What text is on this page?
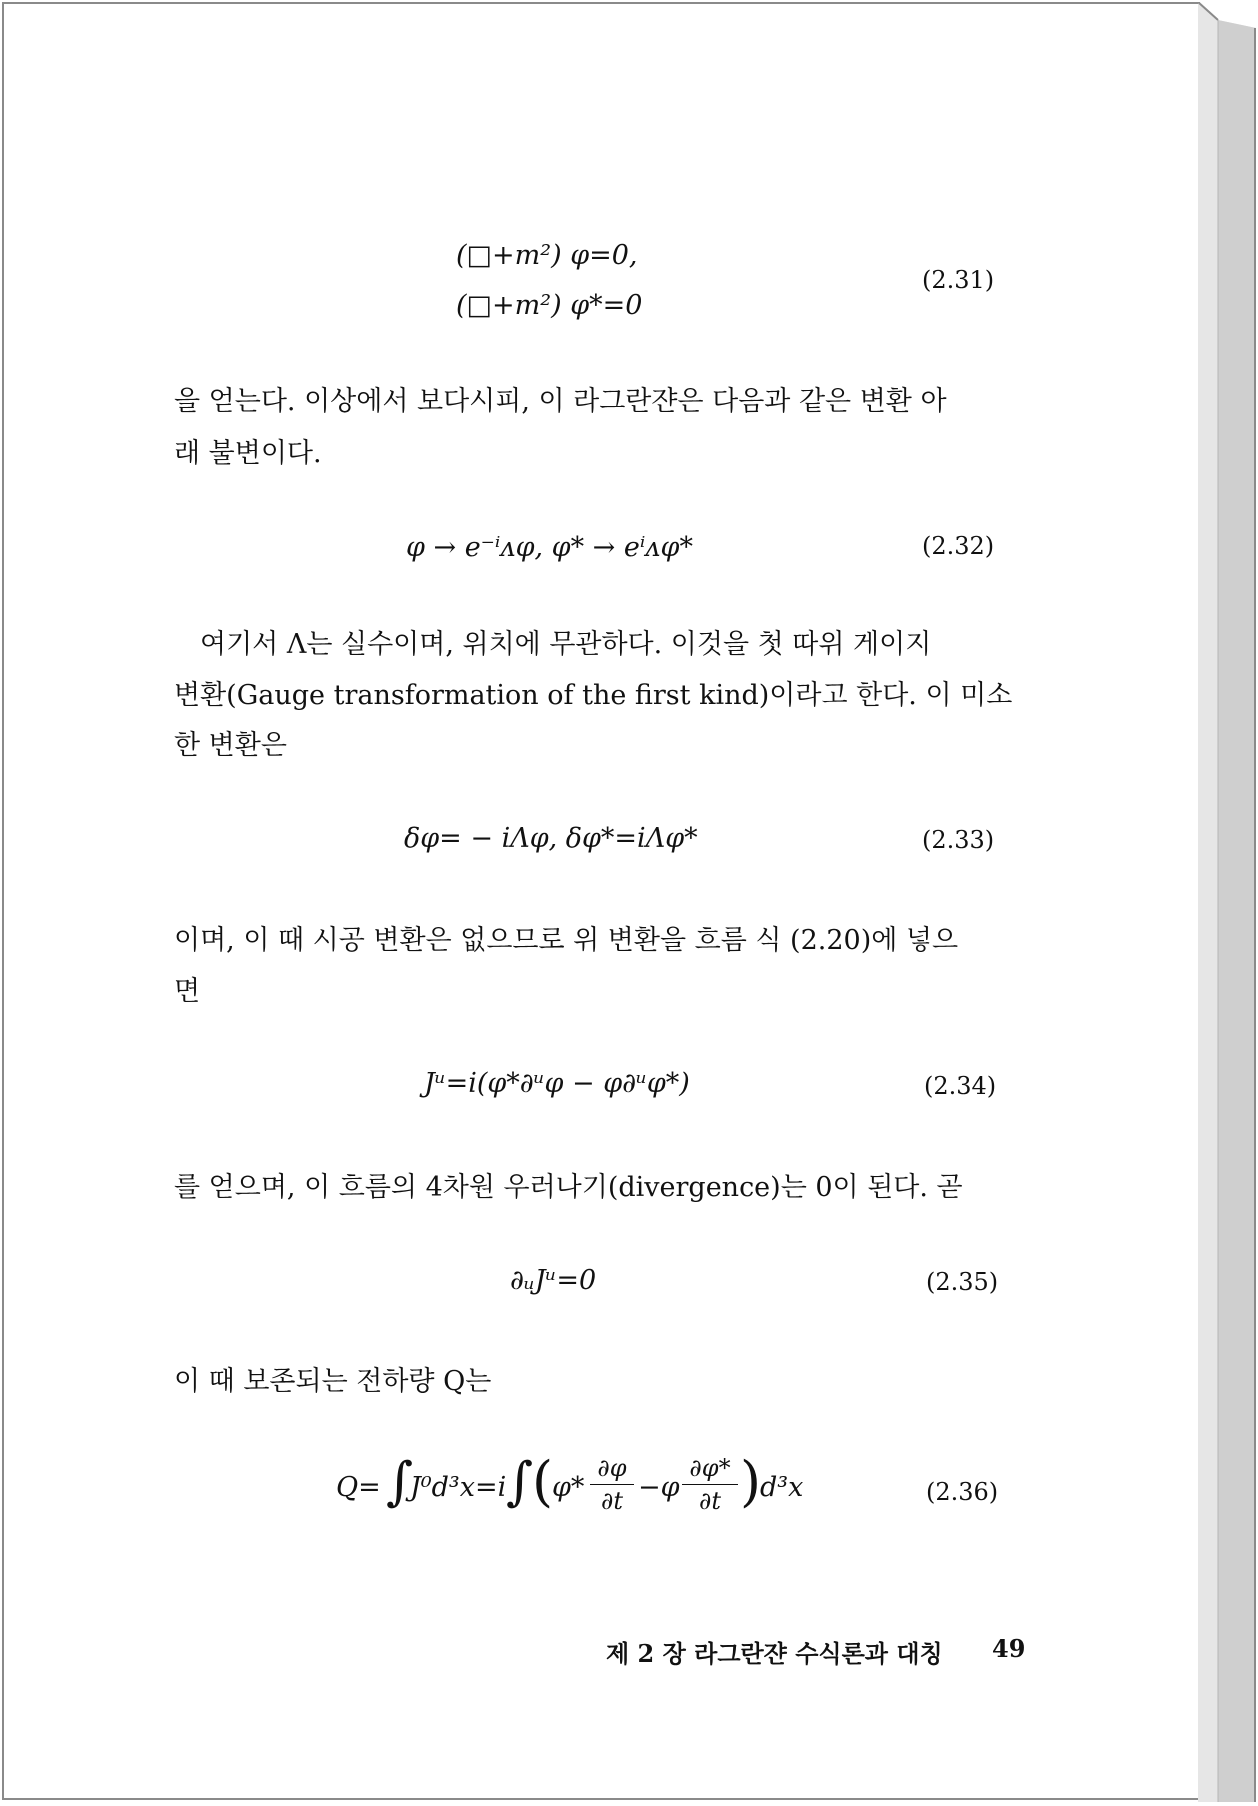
(□+m²) φ=0,
(□+m²) φ*=0
(2.31)
을 얻는다. 이상에서 보다시피, 이 라그란쟌은 다음과 같은 변환 아
래 불변이다.
φ → e⁻ⁱᴧφ, φ* → eⁱᴧφ*	(2.32)
여기서 Λ는 실수이며, 위치에 무관하다. 이것을 첫 따위 게이지
변환(Gauge transformation of the first kind)이라고 한다. 이 미소
한 변환은
δφ= − iΛφ, δφ*=iΛφ*	(2.33)
이며, 이 때 시공 변환은 없으므로 위 변환을 흐름 식 (2.20)에 넣으
면
Jᵘ=i(φ*∂ᵘφ − φ∂ᵘφ*)	(2.34)
를 얻으며, 이 흐름의 4차원 우러나기(divergence)는 0이 된다. 곧
∂ᵤJᵘ=0	(2.35)
이 때 보존되는 전하량 Q는
Q= ∫
J⁰d³x=i ∫
(
φ*
∂φ
∂t −φ
∂φ*
∂t )
d³x	(2.36)
제 2 장 라그란쟌 수식론과 대칭 49
